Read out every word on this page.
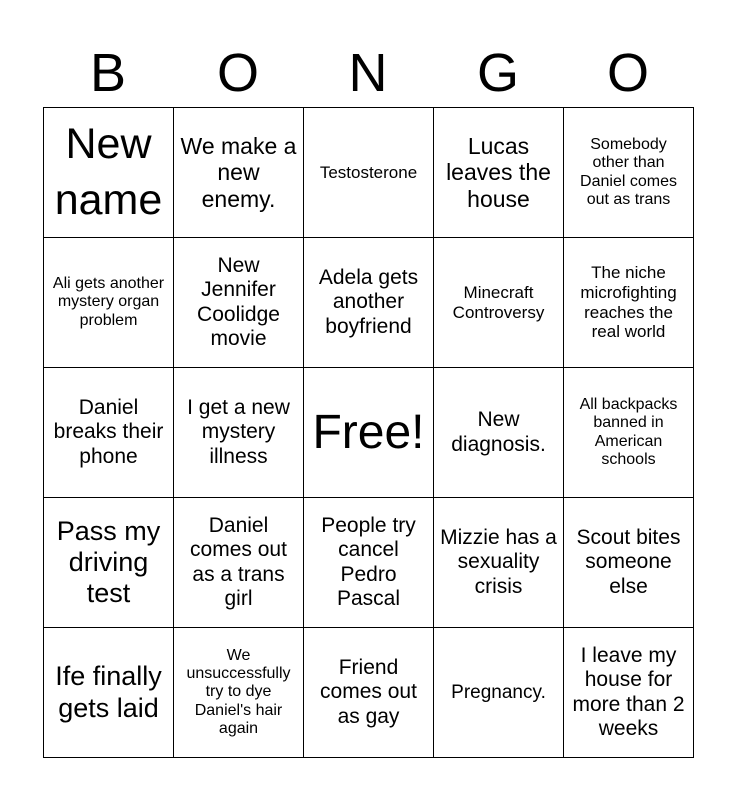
B	O	N	G	O
New name	We make a new enemy.	Testosterone	Lucas leaves the house	Somebody other than Daniel comes out as trans
Ali gets another mystery organ problem	New Jennifer Coolidge movie	Adela gets another boyfriend	Minecraft Controversy	The niche microfighting reaches the real world
Daniel breaks their phone	I get a new mystery illness	Free!	New diagnosis.	All backpacks banned in American schools
Pass my driving test	Daniel comes out as a trans girl	People try cancel Pedro Pascal	Mizzie has a sexuality crisis	Scout bites someone else
Ife finally gets laid	We unsuccessfully try to dye Daniel's hair again	Friend comes out as gay	Pregnancy.	I leave my house for more than 2 weeks
